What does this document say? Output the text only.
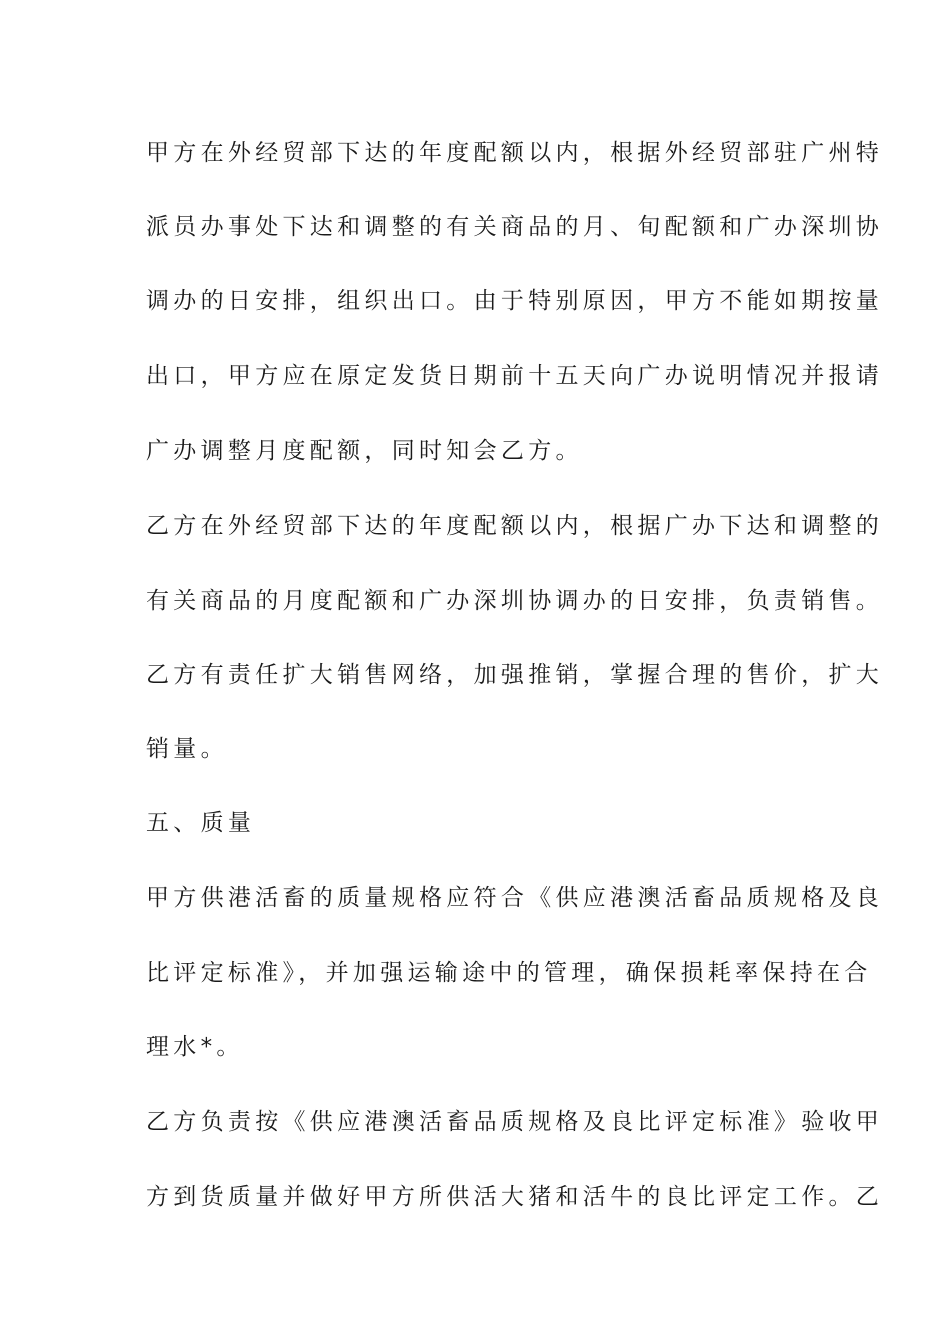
甲方在外经贸部下达的年度配额以内，根据外经贸部驻广州特
派员办事处下达和调整的有关商品的月、旬配额和广办深圳协
调办的日安排，组织出口。由于特别原因，甲方不能如期按量
出口，甲方应在原定发货日期前十五天向广办说明情况并报请
广办调整月度配额，同时知会乙方。
乙方在外经贸部下达的年度配额以内，根据广办下达和调整的
有关商品的月度配额和广办深圳协调办的日安排，负责销售。
乙方有责任扩大销售网络，加强推销，掌握合理的售价，扩大
销量。
五、质量
甲方供港活畜的质量规格应符合《供应港澳活畜品质规格及良
比评定标准》，并加强运输途中的管理，确保损耗率保持在合
理水*。
乙方负责按《供应港澳活畜品质规格及良比评定标准》验收甲
方到货质量并做好甲方所供活大猪和活牛的良比评定工作。乙
